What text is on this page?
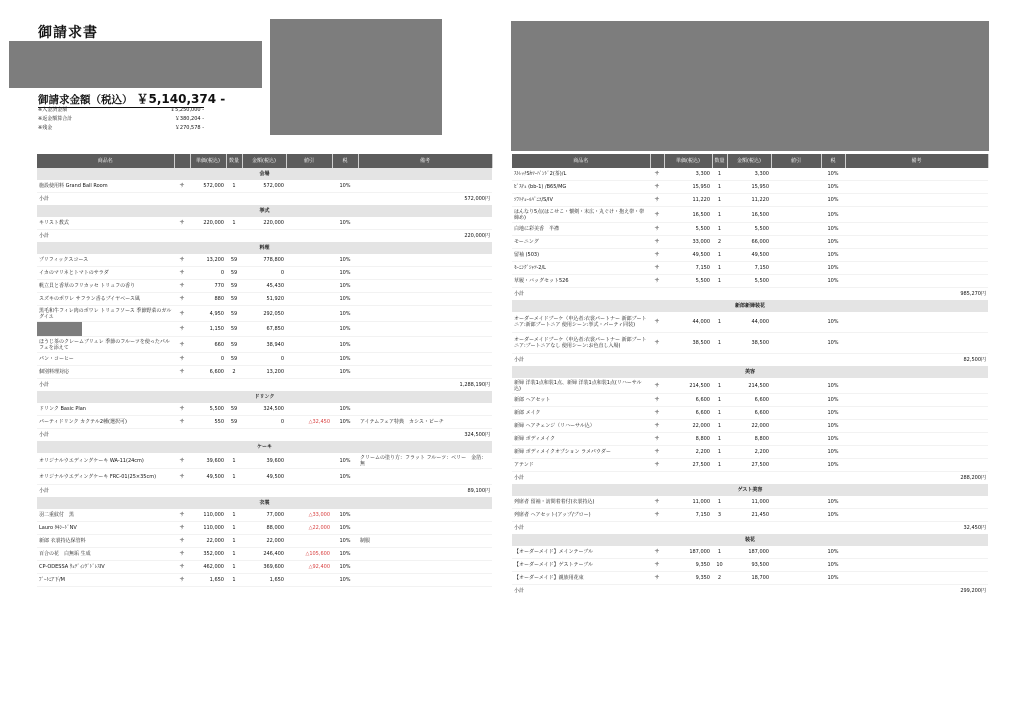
御請求書
御請求金額（税込） ￥5,140,374 -
※入金済金額	￥5,250,000 -
※返金額算合計	￥380,204 -
※残金	￥270,578 -
商品名		単価(税込)	数量	金額(税込)	値引	税	備考
会場							
施設使用料 Grand Ball Room	サ	572,000	1	572,000		10%	
小計	572,000円						
挙式							
キリスト教式	サ	220,000	1	220,000		10%	
小計	220,000円						
料理							
プリフィックスコース	サ	13,200	59	778,800		10%	
イカのマリネとトマトのサラダ	サ	0	59	0		10%	
帆立貝と香草のフリカッセ トリュフの香り	サ	770	59	45,430		10%	
スズキのポワレ サフラン香るブイヤベース風	サ	880	59	51,920		10%	
黒毛和牛フィレ肉のポワレ トリュフソース 季節野菜のガルグイユ	サ	4,950	59	292,050		10%	

	サ	1,150	59	67,850		10%	
ほうじ茶のクレームブリュレ 季節のフルーツを使ったパルフェを添えて	サ	660	59	38,940		10%	
パン・コーヒー	サ	0	59	0		10%	
個別料理対応	サ	6,600	2	13,200		10%	
小計	1,288,190円						
ドリンク							
ドリンク Basic Plan	サ	5,500	59	324,500		10%	
パーティドリンク カクテル2種(選択可)	サ	550	59	0	△32,450	10%	アイテムフェア特典　カシス・ピーチ
小計	324,500円						
ケーキ							
オリジナルウエディングケーキ WA-11(24cm)	サ	39,600	1	39,600		10%	クリームの塗り方：フラット フルーツ：ベリー　金箔：無
オリジナルウエディングケーキ FRC-01(25×35cm)	サ	49,500	1	49,500		10%	
小計	89,100円						
衣裳							
羽二重紋付　黒	サ	110,000	1	77,000	△33,000	10%	
Lauro ﾀｷｼｰﾄﾞNV	サ	110,000	1	88,000	△22,000	10%	
新郎 衣裳持込保管料	サ	22,000	1	22,000		10%	制服
百合の花　白無垢 生成	サ	352,000	1	246,400	△105,600	10%	
CP-ODESSA ｳｪﾃﾞｨﾝｸﾞﾄﾞﾚｽIV	サ	462,000	1	369,600	△92,400	10%	
ﾌﾞｰﾄﾆｱ下/M	サ	1,650	1	1,650		10%	
商品名		単価(税込)	数量	金額(税込)	値引	税	備考
ｽﾄﾚｯﾁSｶﾏｰﾊﾞﾝﾄﾞ2(茶)/L	サ	3,300	1	3,300		10%	
ﾋﾞｽﾁｪ (bb-1) /B65/MG	サ	15,950	1	15,950		10%	
ｿﾌﾄﾁｭｰﾙﾊﾟﾆｴ/S/IV	サ	11,220	1	11,220		10%	
はんなり5点(はこせこ・懐剣・末広・丸ぐけ・抱え帯・帯締め)	サ	16,500	1	16,500		10%	
白地に彩美香　半襟	サ	5,500	1	5,500		10%	
モーニング	サ	33,000	2	66,000		10%	
留袖 (503)	サ	49,500	1	49,500		10%	
ﾓｰﾆﾝｸﾞｼｬﾂ-2/L	サ	7,150	1	7,150		10%	
草履・バッグセット526	サ	5,500	1	5,500		10%	
小計	985,270円						
新郎新婦装花							
オーダーメイドブーケ（申込者:衣裳パートナー 新郎ブートニア:新郎ブートニア 使用シーン:挙式・パーティ同装)	サ	44,000	1	44,000		10%	
オーダーメイドブーケ（申込者:衣裳パートナー 新郎ブートニア:ブートニアなし 使用シーン:お色直し入場)	サ	38,500	1	38,500		10%	
小計	82,500円						
美容							
新婦 洋装1点和装1点、新婦 洋装1点和装1点(リハーサル込)	サ	214,500	1	214,500		10%	
新郎 ヘアセット	サ	6,600	1	6,600		10%	
新郎 メイク	サ	6,600	1	6,600		10%	
新婦 ヘアチェンジ（リハーサル込）	サ	22,000	1	22,000		10%	
新婦 ボディメイク	サ	8,800	1	8,800		10%	
新婦 ボディメイクオプション ラメパウダー	サ	2,200	1	2,200		10%	
アテンド	サ	27,500	1	27,500		10%	
小計	288,200円						
ゲスト美容							
列席者 留袖・訪問着着付(衣裳持込)	サ	11,000	1	11,000		10%	
列席者 ヘアセット(アップ/ブロー)	サ	7,150	3	21,450		10%	
小計	32,450円						
装花							
【オーダーメイド】メインテーブル	サ	187,000	1	187,000		10%	
【オーダーメイド】ゲストテーブル	サ	9,350	10	93,500		10%	
【オーダーメイド】親族用花束	サ	9,350	2	18,700		10%	
小計	299,200円						
